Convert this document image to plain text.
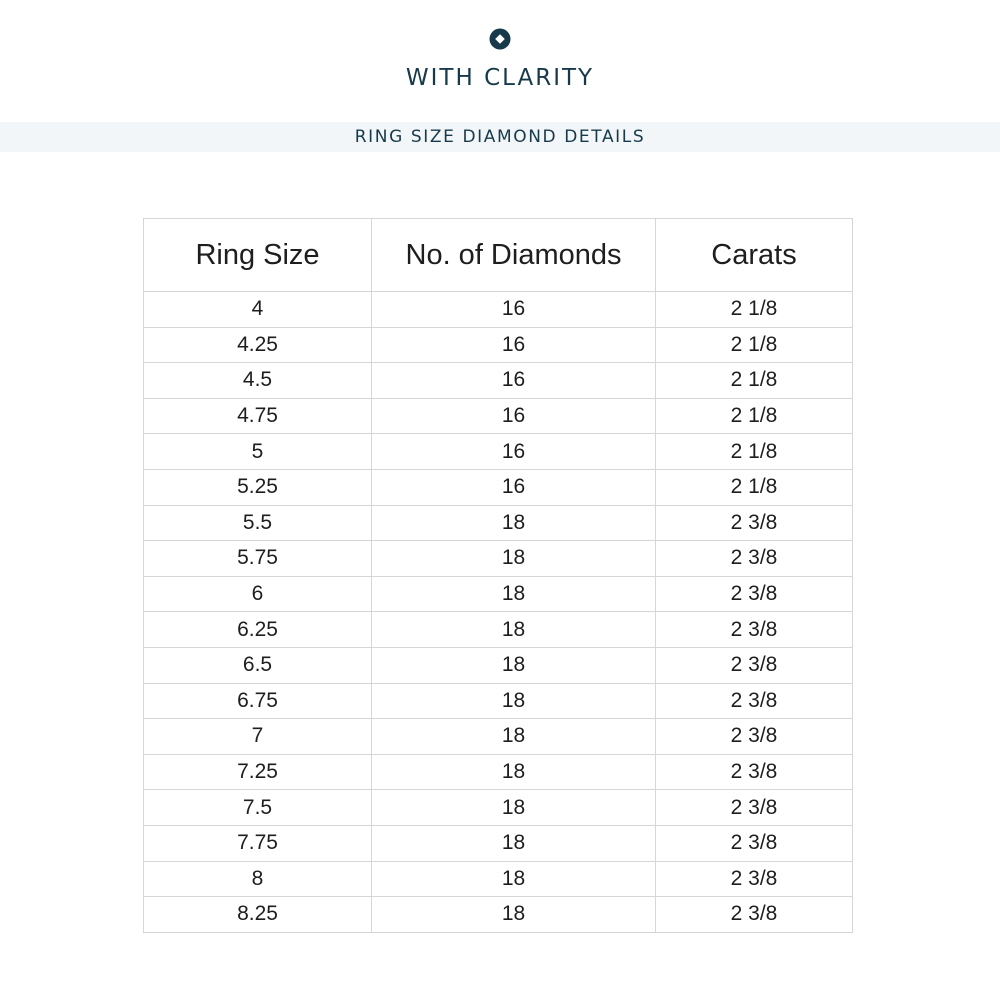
WITH CLARITY
RING SIZE DIAMOND DETAILS
Ring Size	No. of Diamonds	Carats
4	16	2 1/8
4.25	16	2 1/8
4.5	16	2 1/8
4.75	16	2 1/8
5	16	2 1/8
5.25	16	2 1/8
5.5	18	2 3/8
5.75	18	2 3/8
6	18	2 3/8
6.25	18	2 3/8
6.5	18	2 3/8
6.75	18	2 3/8
7	18	2 3/8
7.25	18	2 3/8
7.5	18	2 3/8
7.75	18	2 3/8
8	18	2 3/8
8.25	18	2 3/8
